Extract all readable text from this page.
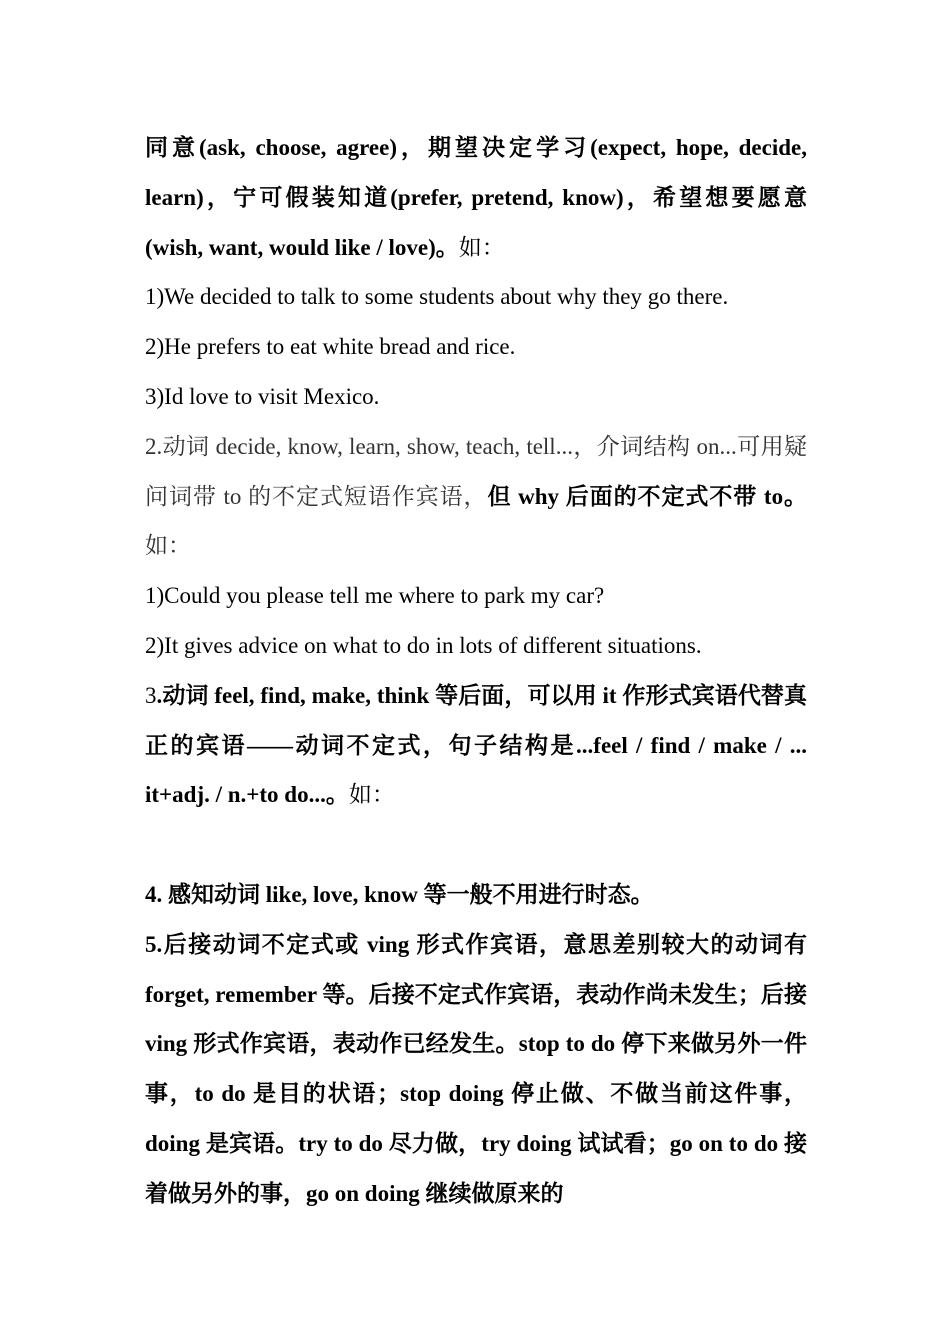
同意(ask, choose, agree)，期望决定学习(expect, hope, decide, learn)，宁可假装知道(prefer, pretend, know)，希望想要愿意(wish, want, would like / love)。如：

1)We decided to talk to some students about why they go there.

2)He prefers to eat white bread and rice.

3)Id love to visit Mexico.

2.动词 decide, know, learn, show, teach, tell...，介词结构 on...可用疑问词带 to 的不定式短语作宾语，但 why 后面的不定式不带 to。如：

1)Could you please tell me where to park my car?

2)It gives advice on what to do in lots of different situations.

3.动词 feel, find, make, think 等后面，可以用 it 作形式宾语代替真正的宾语——动词不定式，句子结构是...feel / find / make / ... it+adj. / n.+to do...。如：

4. 感知动词 like, love, know 等一般不用进行时态。

5.后接动词不定式或 ving 形式作宾语，意思差别较大的动词有 forget, remember 等。后接不定式作宾语，表动作尚未发生；后接 ving 形式作宾语，表动作已经发生。stop to do 停下来做另外一件事，to do 是目的状语；stop doing 停止做、不做当前这件事，doing 是宾语。try to do 尽力做，try doing 试试看；go on to do 接着做另外的事，go on doing 继续做原来的
